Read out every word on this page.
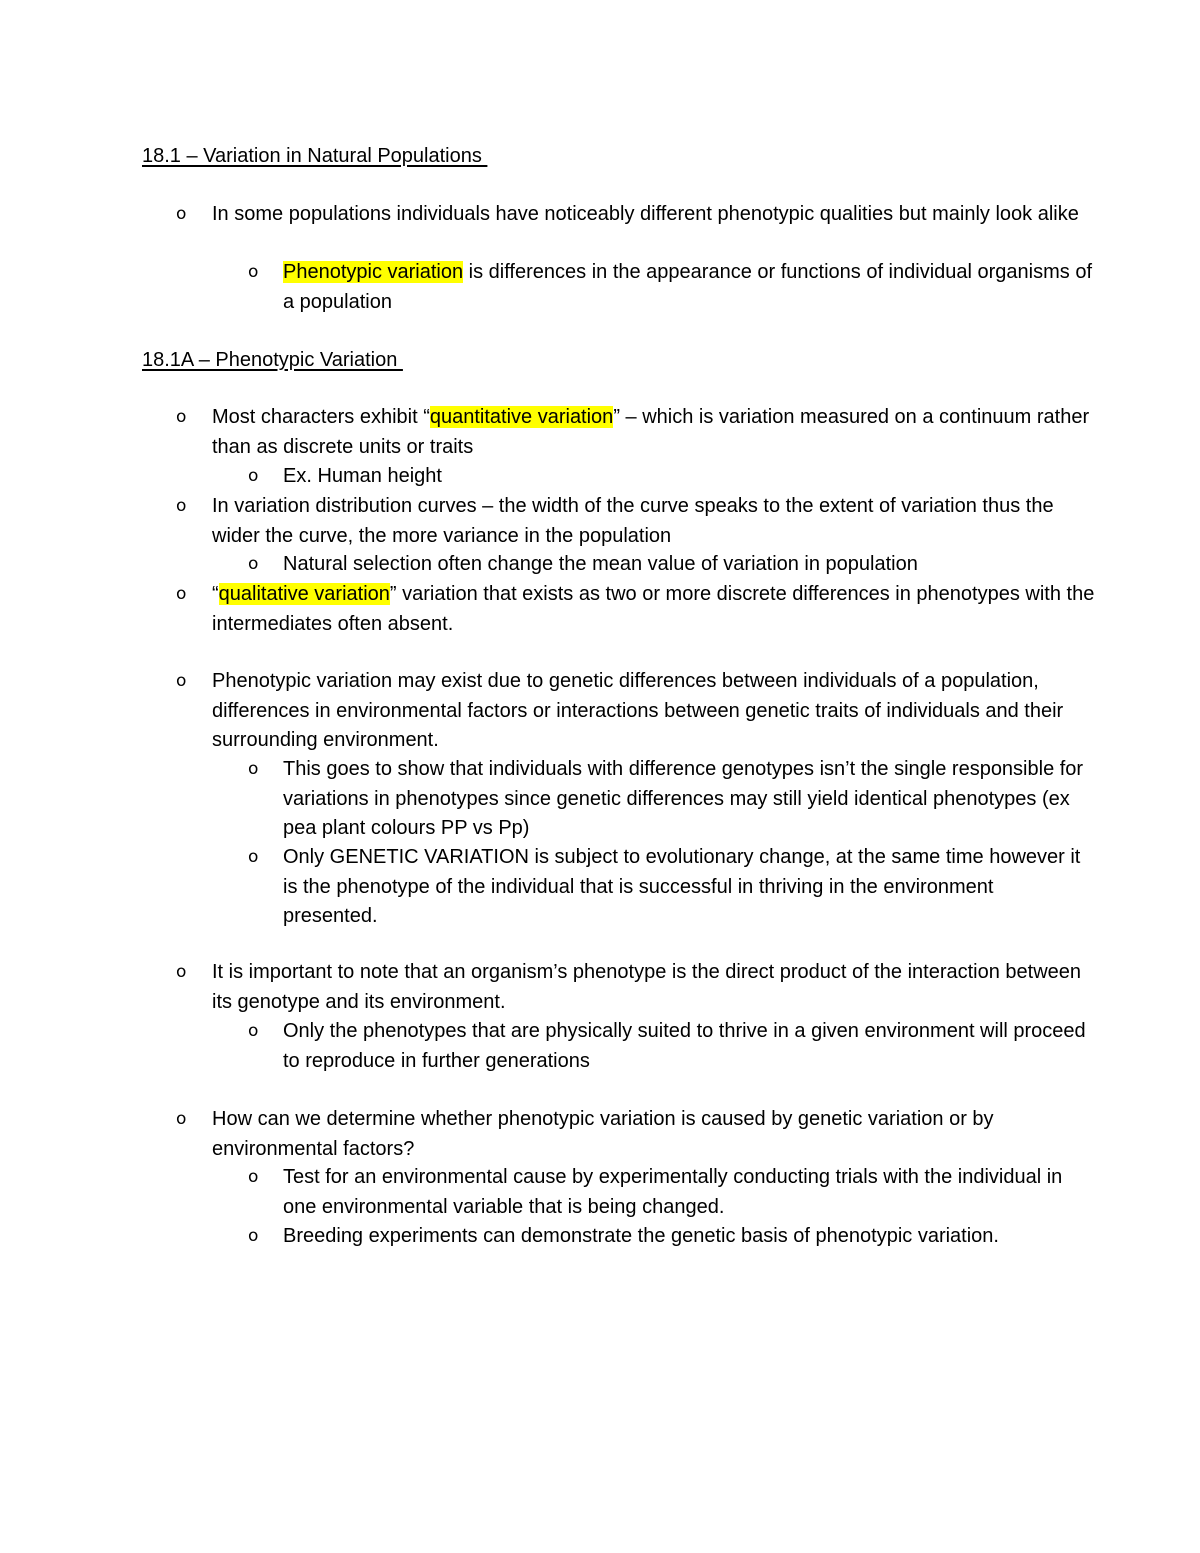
18.1 – Variation in Natural Populations
o In some populations individuals have noticeably different phenotypic qualities but mainly look alike
o Phenotypic variation is differences in the appearance or functions of individual organisms of a population
18.1A – Phenotypic Variation
o Most characters exhibit “quantitative variation” – which is variation measured on a continuum rather than as discrete units or traits
o Ex. Human height
o In variation distribution curves – the width of the curve speaks to the extent of variation thus the wider the curve, the more variance in the population
o Natural selection often change the mean value of variation in population
o “qualitative variation” variation that exists as two or more discrete differences in phenotypes with the intermediates often absent.
o Phenotypic variation may exist due to genetic differences between individuals of a population, differences in environmental factors or interactions between genetic traits of individuals and their surrounding environment.
o This goes to show that individuals with difference genotypes isn’t the single responsible for variations in phenotypes since genetic differences may still yield identical phenotypes (ex pea plant colours PP vs Pp)
o Only GENETIC VARIATION is subject to evolutionary change, at the same time however it is the phenotype of the individual that is successful in thriving in the environment presented.
o It is important to note that an organism’s phenotype is the direct product of the interaction between its genotype and its environment.
o Only the phenotypes that are physically suited to thrive in a given environment will proceed to reproduce in further generations
o How can we determine whether phenotypic variation is caused by genetic variation or by environmental factors?
o Test for an environmental cause by experimentally conducting trials with the individual in one environmental variable that is being changed.
o Breeding experiments can demonstrate the genetic basis of phenotypic variation.
